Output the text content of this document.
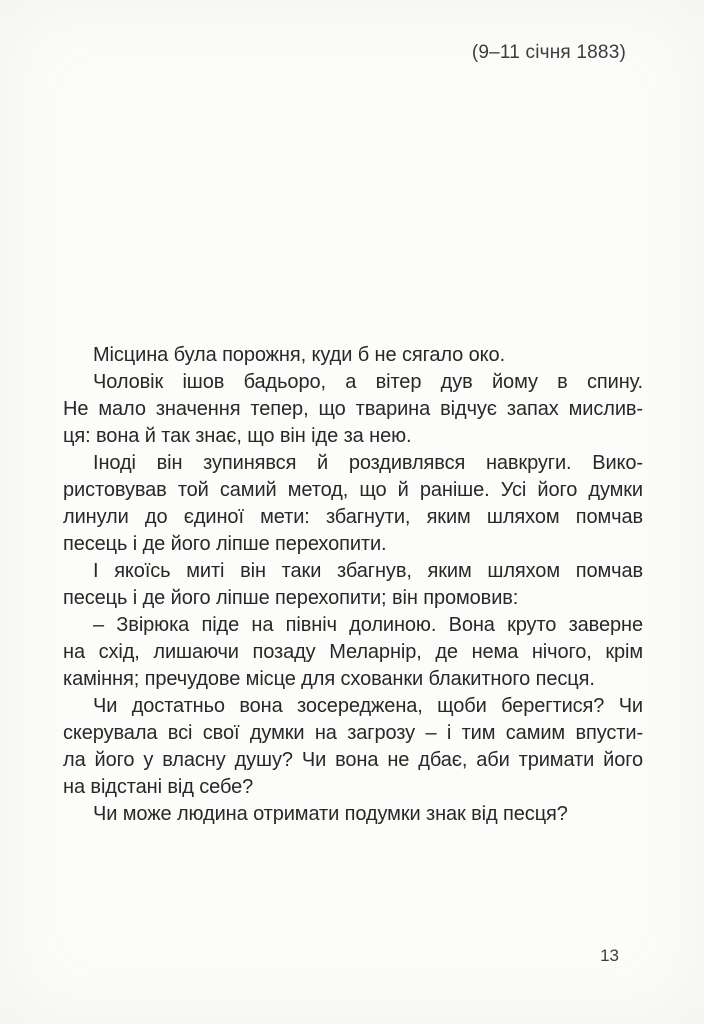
(9–11 січня 1883)
Місцина була порожня, куди б не сягало око.
Чоловік ішов бадьоро, а вітер дув йому в спину.
Не мало значення тепер, що тварина відчує запах мислив-
ця: вона й так знає, що він іде за нею.
Іноді він зупинявся й роздивлявся навкруги. Вико-
ристовував той самий метод, що й раніше. Усі його думки
линули до єдиної мети: збагнути, яким шляхом помчав
песець і де його ліпше перехопити.
І якоїсь миті він таки збагнув, яким шляхом помчав
песець і де його ліпше перехопити; він промовив:
– Звірюка піде на північ долиною. Вона круто заверне
на схід, лишаючи позаду Меларнір, де нема нічого, крім
каміння; пречудове місце для схованки блакитного песця.
Чи достатньо вона зосереджена, щоби берегтися? Чи
скерувала всі свої думки на загрозу – і тим самим впусти-
ла його у власну душу? Чи вона не дбає, аби тримати його
на відстані від себе?
Чи може людина отримати подумки знак від песця?
13
